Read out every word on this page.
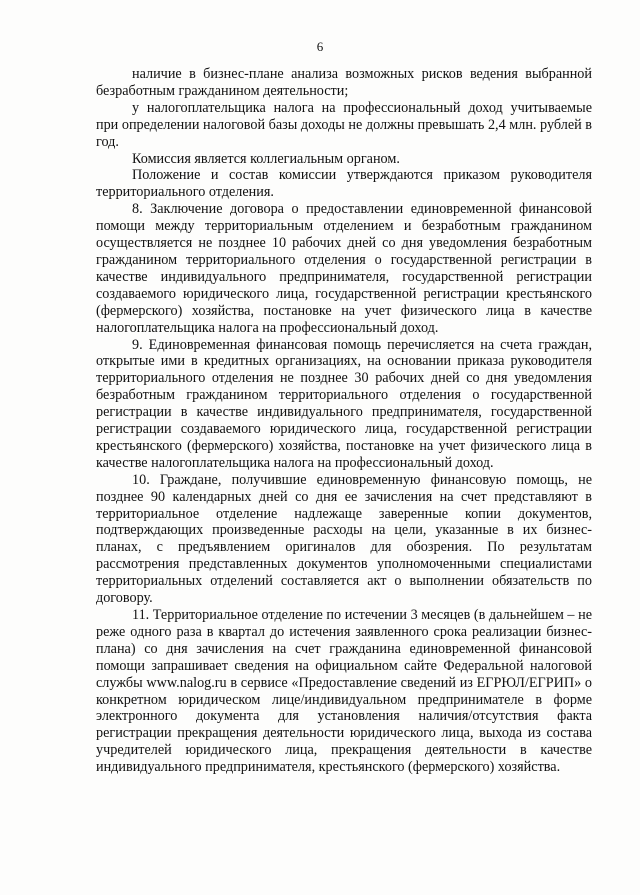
6

наличие в бизнес-плане анализа возможных рисков ведения выбранной безработным гражданином деятельности;

у налогоплательщика налога на профессиональный доход учитываемые при определении налоговой базы доходы не должны превышать 2,4 млн. рублей в год.

Комиссия является коллегиальным органом.

Положение и состав комиссии утверждаются приказом руководителя территориального отделения.

8. Заключение договора о предоставлении единовременной финансовой помощи между территориальным отделением и безработным гражданином осуществляется не позднее 10 рабочих дней со дня уведомления безработным гражданином территориального отделения о государственной регистрации в качестве индивидуального предпринимателя, государственной регистрации создаваемого юридического лица, государственной регистрации крестьянского (фермерского) хозяйства, постановке на учет физического лица в качестве налогоплательщика налога на профессиональный доход.

9. Единовременная финансовая помощь перечисляется на счета граждан, открытые ими в кредитных организациях, на основании приказа руководителя территориального отделения не позднее 30 рабочих дней со дня уведомления безработным гражданином территориального отделения о государственной регистрации в качестве индивидуального предпринимателя, государственной регистрации создаваемого юридического лица, государственной регистрации крестьянского (фермерского) хозяйства, постановке на учет физического лица в качестве налогоплательщика налога на профессиональный доход.

10. Граждане, получившие единовременную финансовую помощь, не позднее 90 календарных дней со дня ее зачисления на счет представляют в территориальное отделение надлежаще заверенные копии документов, подтверждающих произведенные расходы на цели, указанные в их бизнес-планах, с предъявлением оригиналов для обозрения. По результатам рассмотрения представленных документов уполномоченными специалистами территориальных отделений составляется акт о выполнении обязательств по договору.

11. Территориальное отделение по истечении 3 месяцев (в дальнейшем – не реже одного раза в квартал до истечения заявленного срока реализации бизнес-плана) со дня зачисления на счет гражданина единовременной финансовой помощи запрашивает сведения на официальном сайте Федеральной налоговой службы www.nalog.ru в сервисе «Предоставление сведений из ЕГРЮЛ/ЕГРИП» о конкретном юридическом лице/индивидуальном предпринимателе в форме электронного документа для установления наличия/отсутствия факта регистрации прекращения деятельности юридического лица, выхода из состава учредителей юридического лица, прекращения деятельности в качестве индивидуального предпринимателя, крестьянского (фермерского) хозяйства.
